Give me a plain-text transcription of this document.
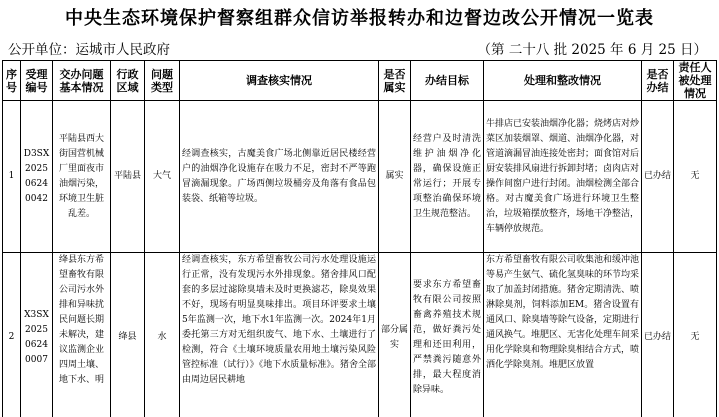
中央生态环境保护督察组群众信访举报转办和边督边改公开情况一览表
公开单位：运城市人民政府	（第 二十八 批 2025 年 6 月 25 日）
序号	受理编号	交办问题基本情况	行政区域	问题类型	调查核实情况	是否属实	办结目标	处理和整改情况	是否办结	责任人被处理情况
1	D3SX202506240042	平陆县西大街国营机械厂里面夜市油烟污染，环境卫生脏乱差。	平陆县	大气	经调查核实，古魔美食广场北侧靠近居民楼经营户的油烟净化设施存在吸力不足，密封不严等跑冒滴漏现象。广场西侧垃圾桶旁及角落有食品包装袋、纸箱等垃圾。	属实	经营户及时清洗维护油烟净化器，确保设施正常运行；开展专项整治确保环境卫生规范整洁。	牛排店已安装油烟净化器；烧烤店对炒菜区加装烟罩、烟道、油烟净化器，对管道滴漏冒油连接处密封；面食馆对后厨安装排风扇进行拆卸封堵；卤肉店对操作间窗户进行封闭。油烟检测全部合格。对古魔美食广场进行环境卫生整治，垃圾箱摆放整齐，场地干净整洁，车辆停放规范。	已办结	无
2	X3SX202506240007	绛县东方希望畜牧有限公司污水外排和异味扰民问题长期未解决，建议监测企业四周土壤、地下水、明	绛县	水	经调查核实，东方希望畜牧公司污水处理设施运行正常，没有发现污水外排现象。猪舍排风口配套的多层过滤除臭墙未及时更换滤芯，除臭效果不好，现场有明显臭味排出。项目环评要求土壤5年监测一次，地下水1年监测一次。2024年1月委托第三方对无组织废气、地下水、土壤进行了检测，符合《土壤环境质量农用地土壤污染风险管控标准（试行）》《地下水质量标准》。猪舍全部由周边居民耕地	部分属实	要求东方希望畜牧有限公司按照畜禽养殖技术规范，做好粪污处理和还田利用，严禁粪污随意外排，最大程度消除异味。	东方希望畜牧有限公司收集池和缓冲池等易产生氨气、硫化氢臭味的环节均采取了加盖封闭措施。猪舍定期清洗、喷淋除臭剂，饲料添加EM。猪舍设置有通风口、除臭墙等除气设备，定期进行通风换气。堆肥区、无害化处理车间采用化学除臭和物理除臭相结合方式，喷洒化学除臭剂。堆肥区放置	已办结	无
